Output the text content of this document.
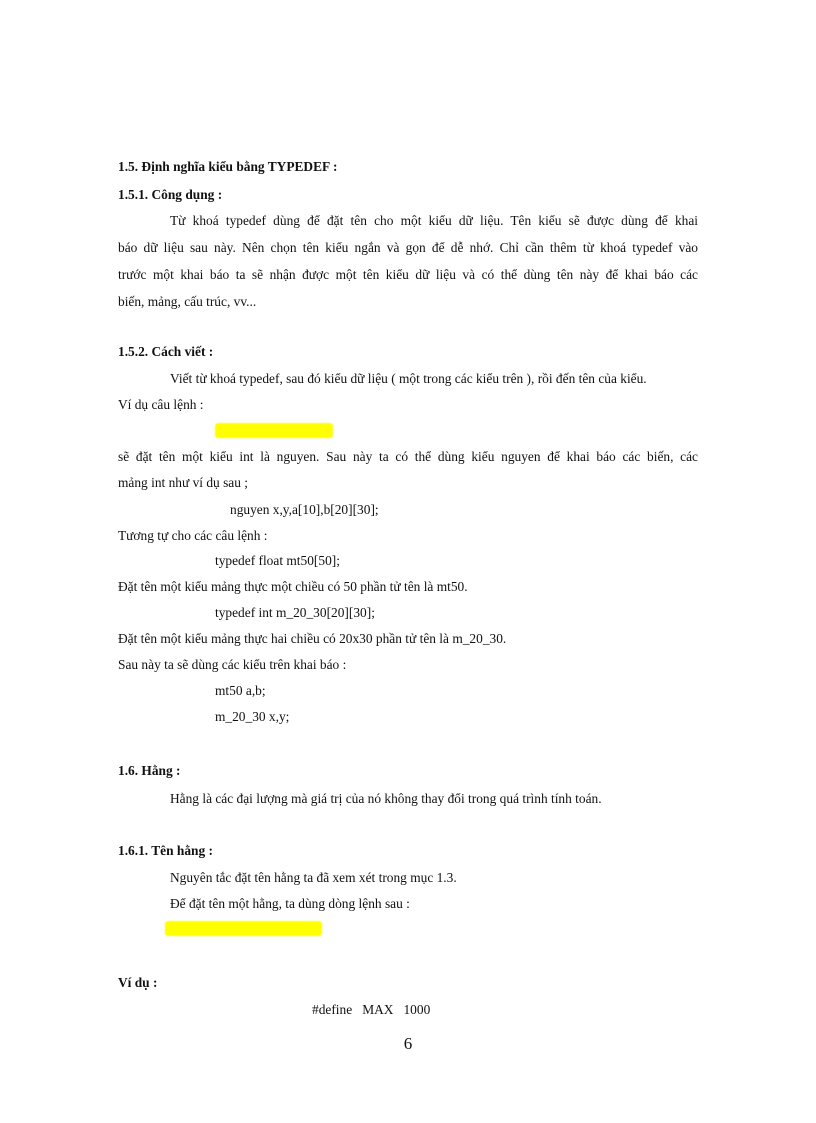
1.5. Định nghĩa kiểu bằng TYPEDEF :
1.5.1. Công dụng :
Từ khoá typedef dùng để đặt tên cho một kiểu dữ liệu. Tên kiểu sẽ được dùng để khai
báo dữ liệu sau này. Nên chọn tên kiểu ngắn và gọn để dễ nhớ. Chỉ cần thêm từ khoá typedef vào
trước một khai báo ta sẽ nhận được một tên kiểu dữ liệu và có thể dùng tên này để khai báo các
biến, mảng, cấu trúc, vv...
1.5.2. Cách viết :
Viết từ khoá typedef, sau đó kiểu dữ liệu ( một trong các kiểu trên ), rồi đến tên của kiểu.
Ví dụ câu lệnh :
sẽ đặt tên một kiểu int là nguyen. Sau này ta có thể dùng kiểu nguyen để khai báo các biến, các
mảng int như ví dụ sau ;
nguyen x,y,a[10],b[20][30];
Tương tự cho các câu lệnh :
typedef float mt50[50];
Đặt tên một kiểu mảng thực một chiều có 50 phần tử tên là mt50.
typedef int m_20_30[20][30];
Đặt tên một kiểu mảng thực hai chiều có 20x30 phần tử tên là m_20_30.
Sau này ta sẽ dùng các kiểu trên khai báo :
mt50 a,b;
m_20_30 x,y;
1.6. Hằng :
Hằng là các đại lượng mà giá trị của nó không thay đổi trong quá trình tính toán.
1.6.1. Tên hằng :
Nguyên tắc đặt tên hằng ta đã xem xét trong mục 1.3.
Để đặt tên một hằng, ta dùng dòng lệnh sau :
Ví dụ :
#define   MAX   1000
6
